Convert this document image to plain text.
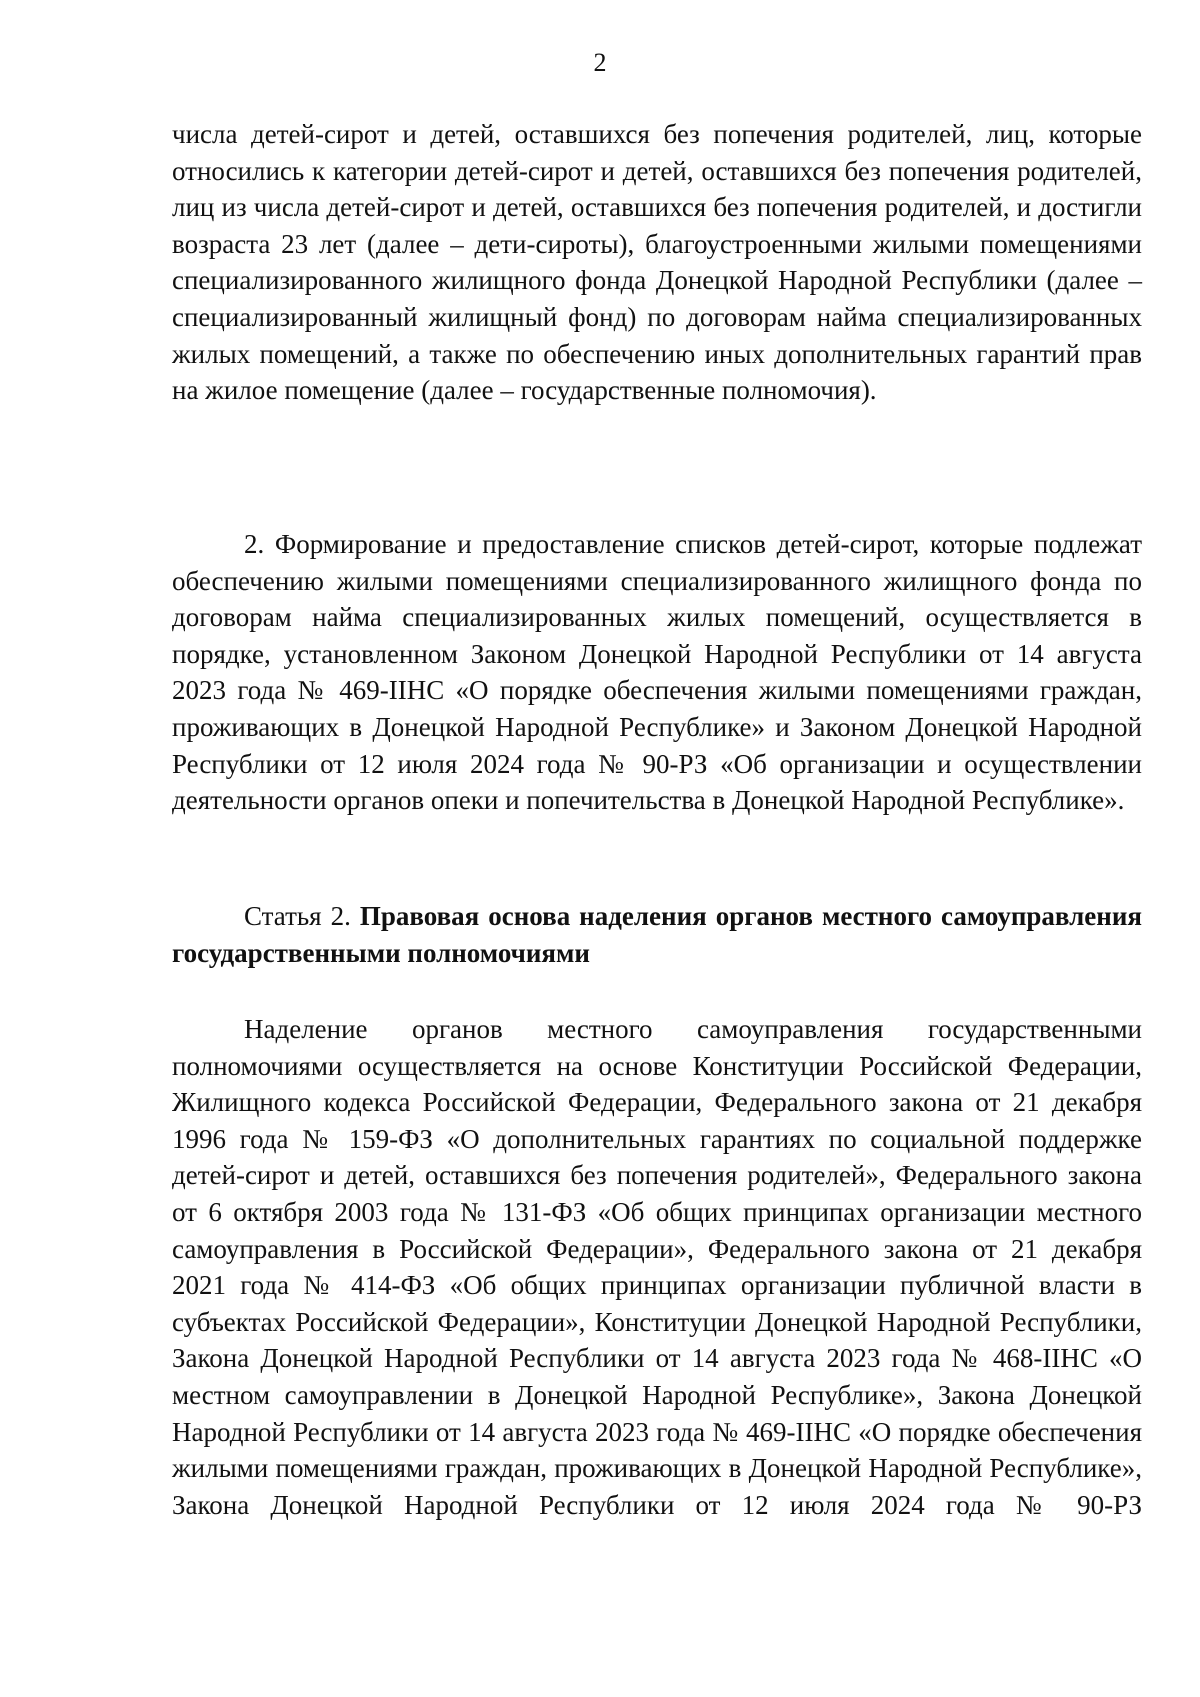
2

числа детей-сирот и детей, оставшихся без попечения родителей, лиц, которые относились к категории детей-сирот и детей, оставшихся без попечения родителей, лиц из числа детей-сирот и детей, оставшихся без попечения родителей, и достигли возраста 23 лет (далее – дети-сироты), благоустроенными жилыми помещениями специализированного жилищного фонда Донецкой Народной Республики (далее – специализированный жилищный фонд) по договорам найма специализированных жилых помещений, а также по обеспечению иных дополнительных гарантий прав на жилое помещение (далее – государственные полномочия).

2. Формирование и предоставление списков детей-сирот, которые подлежат обеспечению жилыми помещениями специализированного жилищного фонда по договорам найма специализированных жилых помещений, осуществляется в порядке, установленном Законом Донецкой Народной Республики от 14 августа 2023 года № 469-IIНС «О порядке обеспечения жилыми помещениями граждан, проживающих в Донецкой Народной Республике» и Законом Донецкой Народной Республики от 12 июля 2024 года № 90-РЗ «Об организации и осуществлении деятельности органов опеки и попечительства в Донецкой Народной Республике».

Статья 2. Правовая основа наделения органов местного самоуправления государственными полномочиями

Наделение органов местного самоуправления государственными полномочиями осуществляется на основе Конституции Российской Федерации, Жилищного кодекса Российской Федерации, Федерального закона от 21 декабря 1996 года № 159-ФЗ «О дополнительных гарантиях по социальной поддержке детей-сирот и детей, оставшихся без попечения родителей», Федерального закона от 6 октября 2003 года № 131-ФЗ «Об общих принципах организации местного самоуправления в Российской Федерации», Федерального закона от 21 декабря 2021 года № 414-ФЗ «Об общих принципах организации публичной власти в субъектах Российской Федерации», Конституции Донецкой Народной Республики, Закона Донецкой Народной Республики от 14 августа 2023 года № 468-IIНС «О местном самоуправлении в Донецкой Народной Республике», Закона Донецкой Народной Республики от 14 августа 2023 года № 469-IIНС «О порядке обеспечения жилыми помещениями граждан, проживающих в Донецкой Народной Республике», Закона Донецкой Народной Республики от 12 июля 2024 года № 90-РЗ
